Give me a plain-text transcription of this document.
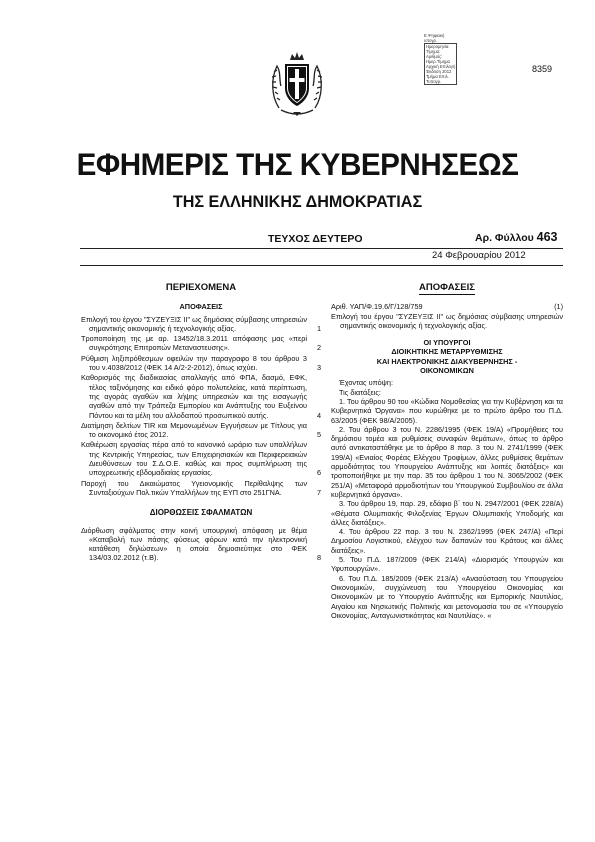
Ε.Ψηφιακή
υπογρ.
Ημερομηνία:
Τίμημα:
Αριθμός:
Ημερ.Τίμημα
Αρχική Επιλογή
Έκδοση 2012
Τμήμα Επιλ.
Τυπογρ.
8359
ΕΦΗΜΕΡΙΣ ΤΗΣ ΚΥΒΕΡΝΗΣΕΩΣ
ΤΗΣ ΕΛΛΗΝΙΚΗΣ ΔΗΜΟΚΡΑΤΙΑΣ
ΤΕΥΧΟΣ ΔΕΥΤΕΡΟ	Αρ. Φύλλου 463
24 Φεβρουαρίου 2012
ΠΕΡΙΕΧΟΜΕΝΑ
ΑΠΟΦΑΣΕΙΣ
Επιλογή του έργου "ΣΥΖΕΥΞΙΣ ΙΙ" ως δημόσιας σύμβασης υπηρεσιών σημαντικής οικονομικής ή τεχνολογικής αξίας.	1
Τροποποίηση της με αρ. 13452/18.3.2011 απόφασης μας «περί συγκρότησης Επιτροπών Μεταναστευσης».	2
Ρύθμιση ληξιπρόθεσμων οφειλών την παραγραφο 8 του άρθρου 3 του ν.4038/2012 (ΦΕΚ 14 Α/2-2-2012), όπως ισχύει.	3
Καθορισμός της διαδικασίας απαλλαγής από ΦΠΑ, δασμό, ΕΦΚ, τέλος ταξινόμησης και ειδικό φόρο πολυτελείας, κατά περίπτωση, της αγοράς αγαθών και λήψης υπηρεσιών και της εισαγωγής αγαθών από την Τράπεζα Εμπορίου και Ανάπτυξης του Ευξείνου Πόντου και τα μέλη του αλλοδαπού προσωπικού αυτής.	4
Διατίμηση δελτίων TIR και Μεμονωμένων Εγγυήσεων με Τίτλους για το οικονομικό έτος 2012.	5
Καθιέρωση εργασίας πέρα από το κανονικό ωράριο των υπαλλήλων της Κεντρικής Υπηρεσίας, των Επιχειρησιακών και Περιφερειακών Διευθύνσεων του Σ.Δ.Ο.Ε. καθώς και προς συμπλήρωση της υποχρεωτικής εβδομαδιαίας εργασίας.	6
Παροχή του Δικαιώματος Υγειονομικής Περίθαλψης των Συνταξιούχων Πολ.τικών Υπαλλήλων της ΕΥΠ στο 251ΓΝΑ.	7
ΔΙΟΡΘΩΣΕΙΣ ΣΦΑΛΜΑΤΩΝ
Διόρθωση σφάλματος στην κοινή υπουργική απόφαση με θέμα «Καταβολή των πάσης φύσεως φόρων κατά την ηλεκτρονική κατάθεση δηλώσεων» η οποία δημοσιεύτηκε στο ΦΕΚ 134/03.02.2012 (τ.Β).	8
ΑΠΟΦΑΣΕΙΣ
Αριθ. ΥΑΠ/Φ.19.6/Γ/128/759	(1)
Επιλογή του έργου "ΣΥΖΕΥΞΙΣ ΙΙ" ως δημόσιας σύμβασης υπηρεσιών σημαντικής οικονομικής ή τεχνολογικής αξίας.
ΟΙ ΥΠΟΥΡΓΟΙ
ΔΙΟΙΚΗΤΙΚΗΣ ΜΕΤΑΡΡΥΘΜΙΣΗΣ
ΚΑΙ ΗΛΕΚΤΡΟΝΙΚΗΣ ΔΙΑΚΥΒΕΡΝΗΣΗΣ -
ΟΙΚΟΝΟΜΙΚΩΝ
Έχοντας υπόψη:
Τις διατάξεις:
1. Του άρθρου 90 του «Κώδικα Νομοθεσίας για την Κυβέρνηση και τα Κυβερνητικά Όργανα» που κυρώθηκε με το πρώτο άρθρο του Π.Δ. 63/2005 (ΦΕΚ 98/Α/2005).
2. Του άρθρου 3 του Ν. 2286/1995 (ΦΕΚ 19/Α) «Προμήθειες του δημόσιου τομέα και ρυθμίσεις συναφών θεμάτων», όπως το άρθρο αυτό αντικαταστάθηκε με το άρθρο 8 παρ. 3 του Ν. 2741/1999 (ΦΕΚ 199/Α) «Ενιαίος Φορέας Ελέγχου Τροφίμων, άλλες ρυθμίσεις θεμάτων αρμοδιότητας του Υπουργείου Ανάπτυξης και λοιπές διατάξεις» και τροποποιήθηκε με την παρ. 35 του άρθρου 1 του Ν. 3065/2002 (ΦΕΚ 251/Α) «Μεταφορά αρμοδιοτήτων του Υπουργικού Συμβουλίου σε άλλα κυβερνητικά όργανα».
3. Του άρθρου 19, παρ. 29, εδάφιο β΄ του Ν. 2947/2001 (ΦΕΚ 228/Α) «Θέματα Ολυμπιακής Φιλοξενίας Έργων Ολυμπιακής Υποδομής και άλλες διατάξεις».
4. Του άρθρου 22 παρ. 3 του Ν. 2362/1995 (ΦΕΚ 247/Α) «Περί Δημοσίου Λογιστικού, ελέγχου των δαπανών του Κράτους και άλλες διατάξεις».
5. Του Π.Δ. 187/2009 (ΦΕΚ 214/Α) «Διορισμός Υπουργών και Υφυπουργών».
6. Του Π.Δ. 185/2009 (ΦΕΚ 213/Α) «Ανασύσταση του Υπουργείου Οικονομικών, συγχώνευση του Υπουργείου Οικονομίας και Οικονομικών με το Υπουργείο Ανάπτυξης και Εμπορικής Ναυτιλίας, Αιγαίου και Νησιωτικής Πολιτικής και μετονομασία του σε «Υπουργείο Οικονομίας, Ανταγωνιστικότητας και Ναυτιλίας». «
